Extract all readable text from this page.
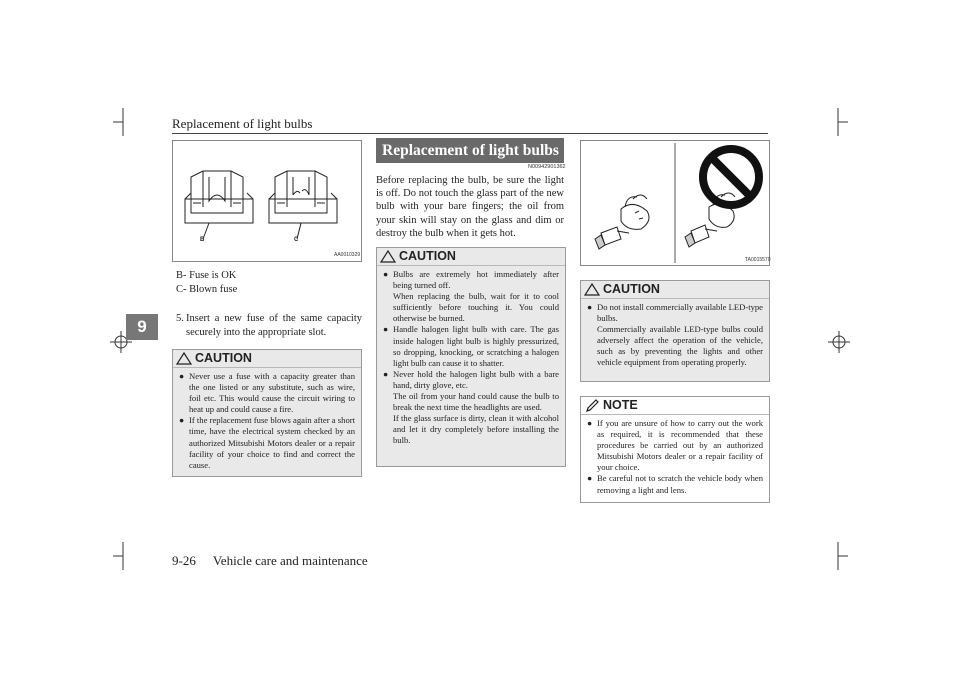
Replacement of light bulbs
9
B	C
AA0010329
B- Fuse is OK
C- Blown fuse
5. Insert a new fuse of the same capacity securely into the appropriate slot.
CAUTION
● Never use a fuse with a capacity greater than the one listed or any substitute, such as wire, foil etc. This would cause the circuit wiring to heat up and could cause a fire.
● If the replacement fuse blows again after a short time, have the electrical system checked by an authorized Mitsubishi Motors dealer or a repair facility of your choice to find and correct the cause.
Replacement of light bulbs
N00942901362
Before replacing the bulb, be sure the light is off. Do not touch the glass part of the new bulb with your bare fingers; the oil from your skin will stay on the glass and dim or destroy the bulb when it gets hot.
CAUTION
● Bulbs are extremely hot immediately after being turned off.
When replacing the bulb, wait for it to cool sufficiently before touching it. You could otherwise be burned.
● Handle halogen light bulb with care. The gas inside halogen light bulb is highly pressurized, so dropping, knocking, or scratching a halogen light bulb can cause it to shatter.
● Never hold the halogen light bulb with a bare hand, dirty glove, etc.
The oil from your hand could cause the bulb to break the next time the headlights are used.
If the glass surface is dirty, clean it with alcohol and let it dry completely before installing the bulb.
TA0015570
CAUTION
● Do not install commercially available LED-type bulbs.
Commercially available LED-type bulbs could adversely affect the operation of the vehicle, such as by preventing the lights and other vehicle equipment from operating properly.
NOTE
● If you are unsure of how to carry out the work as required, it is recommended that these procedures be carried out by an authorized Mitsubishi Motors dealer or a repair facility of your choice.
● Be careful not to scratch the vehicle body when removing a light and lens.
9-26 Vehicle care and maintenance
